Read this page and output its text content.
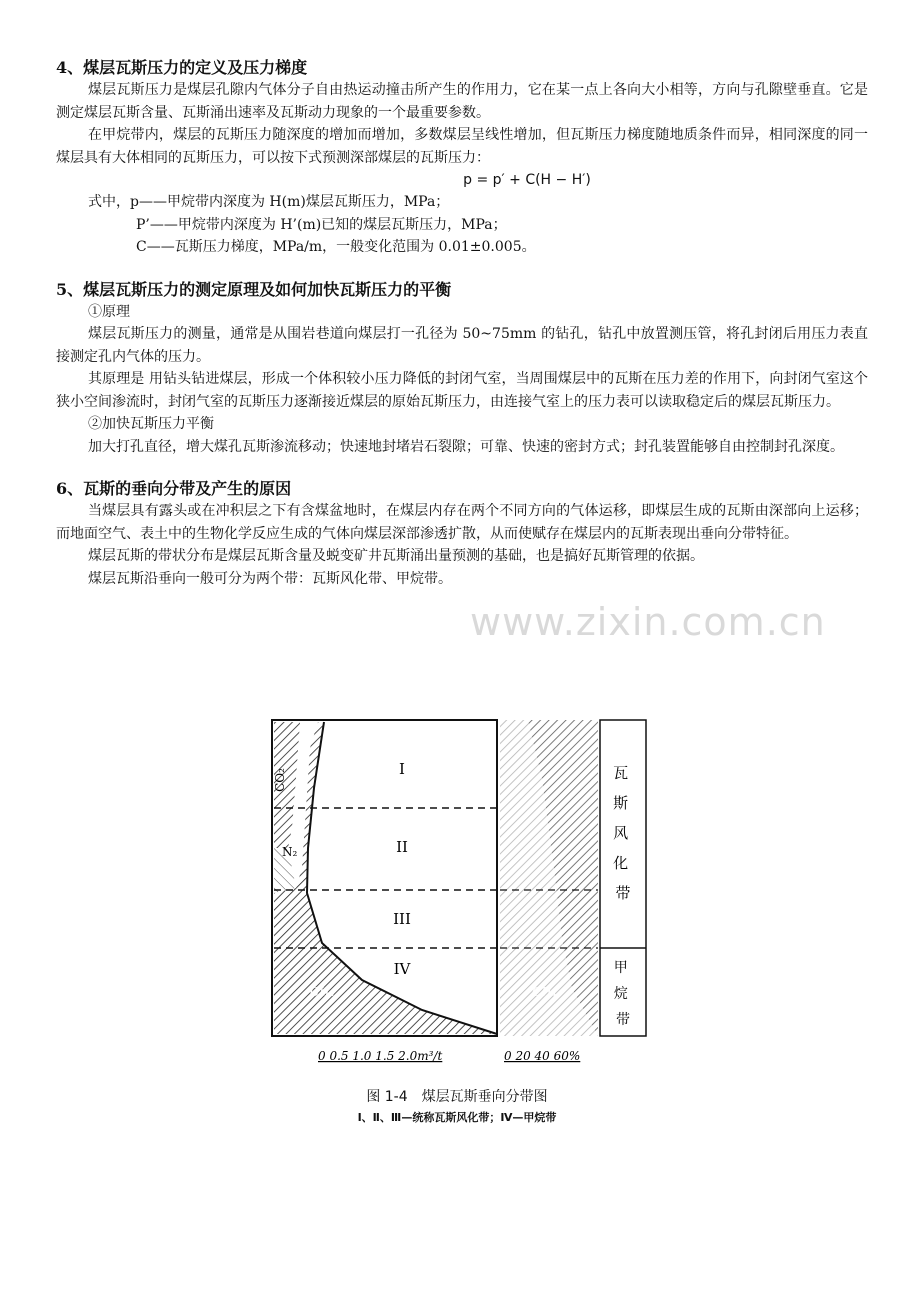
4、煤层瓦斯压力的定义及压力梯度

煤层瓦斯压力是煤层孔隙内气体分子自由热运动撞击所产生的作用力，它在某一点上各向大小相等，方向与孔隙壁垂直。它是测定煤层瓦斯含量、瓦斯涌出速率及瓦斯动力现象的一个最重要参数。

在甲烷带内，煤层的瓦斯压力随深度的增加而增加，多数煤层呈线性增加，但瓦斯压力梯度随地质条件而异，相同深度的同一煤层具有大体相同的瓦斯压力，可以按下式预测深部煤层的瓦斯压力：

p = p′ + C(H − H′)

式中，p——甲烷带内深度为 H(m)煤层瓦斯压力，MPa；

P’——甲烷带内深度为 H’(m)已知的煤层瓦斯压力，MPa；

C——瓦斯压力梯度，MPa/m，一般变化范围为 0.01±0.005。

5、煤层瓦斯压力的测定原理及如何加快瓦斯压力的平衡

①原理

煤层瓦斯压力的测量，通常是从围岩巷道向煤层打一孔径为 50~75mm 的钻孔，钻孔中放置测压管，将孔封闭后用压力表直接测定孔内气体的压力。

其原理是 用钻头钻进煤层，形成一个体积较小压力降低的封闭气室，当周围煤层中的瓦斯在压力差的作用下，向封闭气室这个狭小空间渗流时，封闭气室的瓦斯压力逐渐接近煤层的原始瓦斯压力，由连接气室上的压力表可以读取稳定后的煤层瓦斯压力。

②加快瓦斯压力平衡

加大打孔直径，增大煤孔瓦斯渗流移动；快速地封堵岩石裂隙；可靠、快速的密封方式；封孔装置能够自由控制封孔深度。

6、瓦斯的垂向分带及产生的原因

当煤层具有露头或在冲积层之下有含煤盆地时，在煤层内存在两个不同方向的气体运移，即煤层生成的瓦斯由深部向上运移；而地面空气、表土中的生物化学反应生成的气体向煤层深部渗透扩散，从而使赋存在煤层内的瓦斯表现出垂向分带特征。

煤层瓦斯的带状分布是煤层瓦斯含量及蜕变矿井瓦斯涌出量预测的基础，也是搞好瓦斯管理的依据。

煤层瓦斯沿垂向一般可分为两个带：瓦斯风化带、甲烷带。

www.zixin.com.cn
I
II
III
IV
CO₂
N₂
CH₄	CH₄
瓦 斯 风 化 带
甲 烷 带
0 0.5 1.0 1.5 2.0m³/t	0 20 40 60%
图 1-4　煤层瓦斯垂向分带图
Ⅰ、Ⅱ、Ⅲ—统称瓦斯风化带；Ⅳ—甲烷带
